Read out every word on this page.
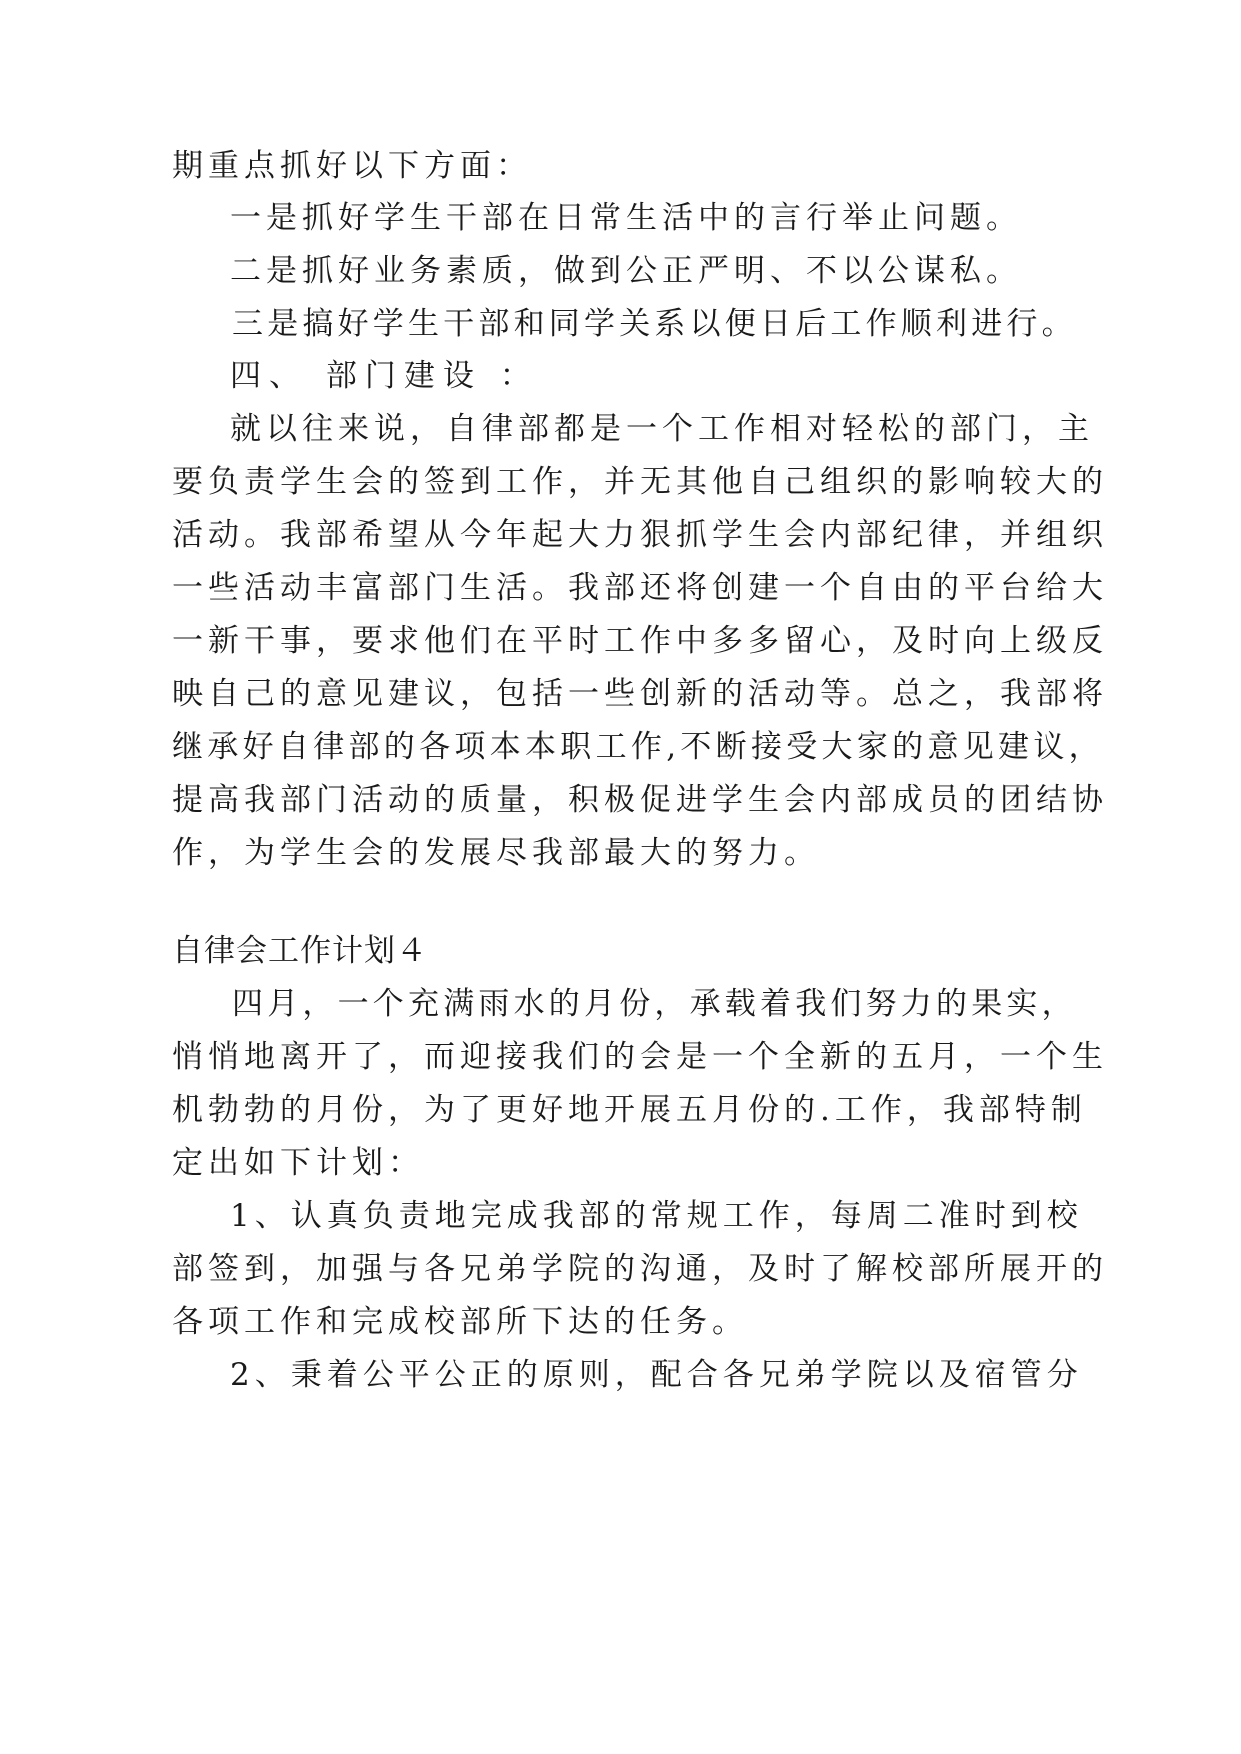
期重点抓好以下方面：
一是抓好学生干部在日常生活中的言行举止问题。
二是抓好业务素质，做到公正严明、不以公谋私。
三是搞好学生干部和同学关系以便日后工作顺利进行。
四、 部门建设 ：
就以往来说，自律部都是一个工作相对轻松的部门，主
要负责学生会的签到工作，并无其他自己组织的影响较大的
活动。我部希望从今年起大力狠抓学生会内部纪律，并组织
一些活动丰富部门生活。我部还将创建一个自由的平台给大
一新干事，要求他们在平时工作中多多留心，及时向上级反
映自己的意见建议，包括一些创新的活动等。总之，我部将
继承好自律部的各项本本职工作,不断接受大家的意见建议，
提高我部门活动的质量，积极促进学生会内部成员的团结协
作，为学生会的发展尽我部最大的努力。
自律会工作计划４
四月，一个充满雨水的月份，承载着我们努力的果实，
悄悄地离开了，而迎接我们的会是一个全新的五月，一个生
机勃勃的月份，为了更好地开展五月份的.工作，我部特制
定出如下计划：
1、认真负责地完成我部的常规工作，每周二准时到校
部签到，加强与各兄弟学院的沟通，及时了解校部所展开的
各项工作和完成校部所下达的任务。
2、秉着公平公正的原则，配合各兄弟学院以及宿管分
